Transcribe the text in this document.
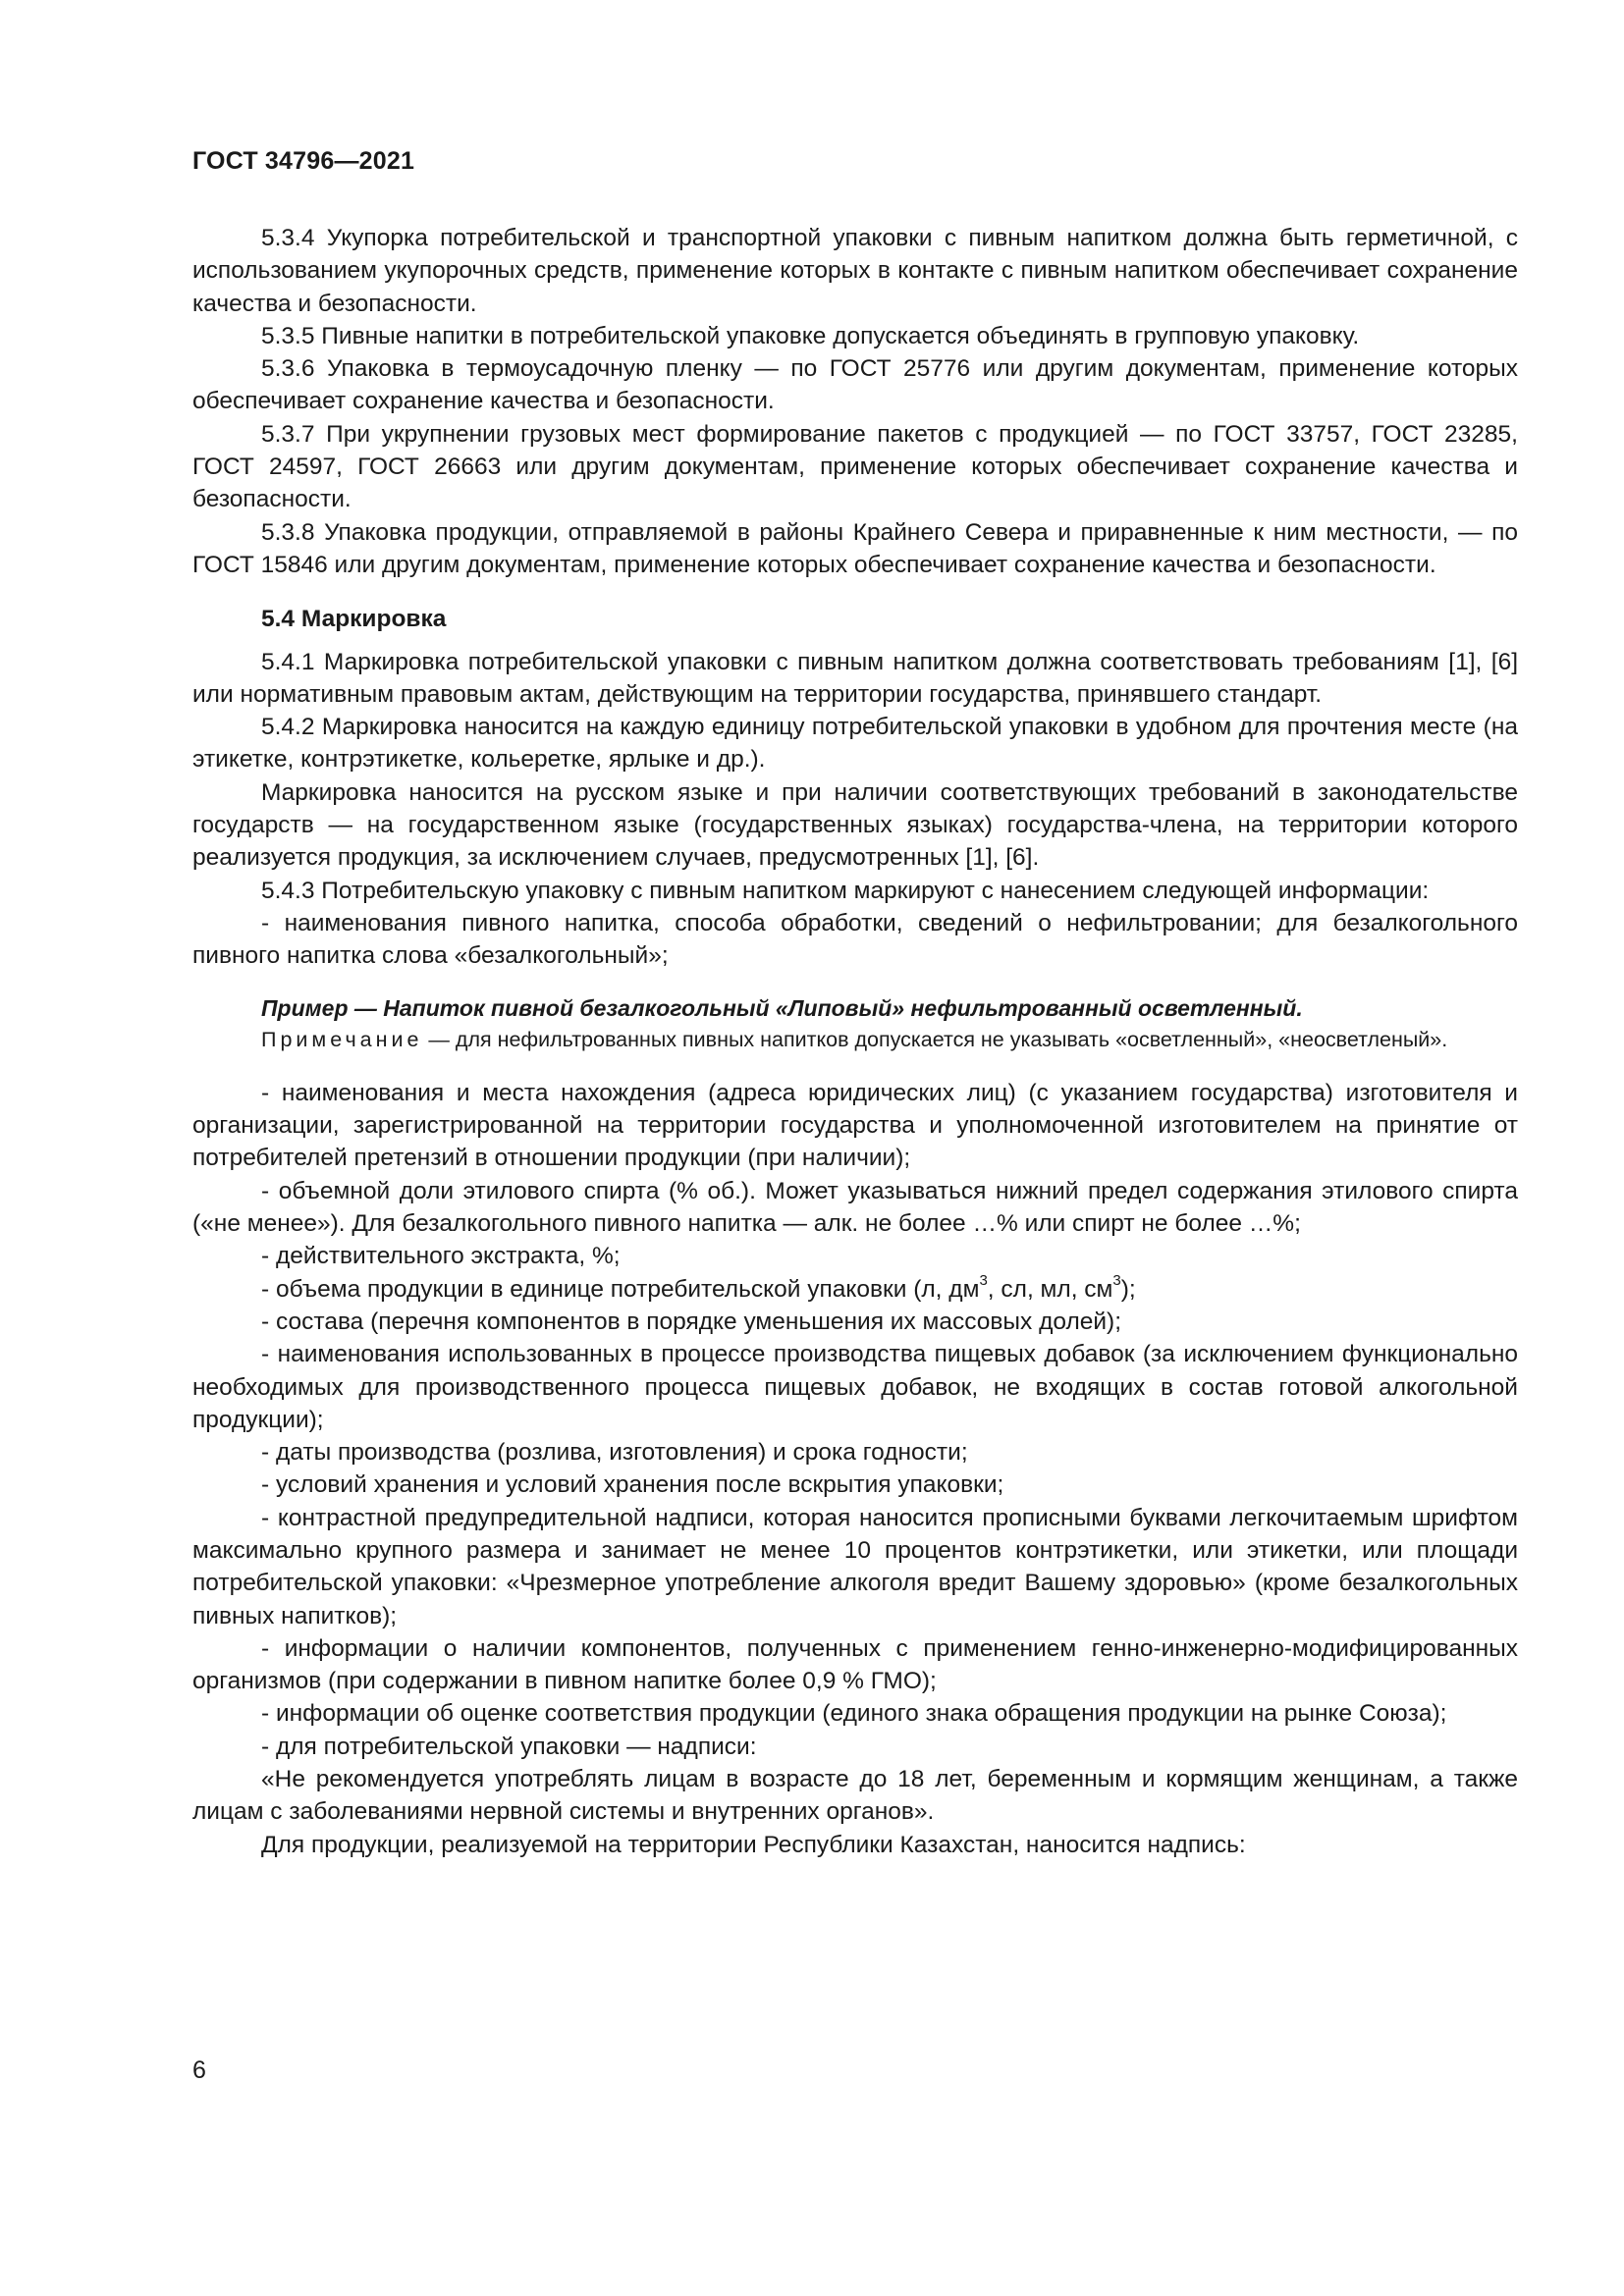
ГОСТ 34796—2021

5.3.4 Укупорка потребительской и транспортной упаковки с пивным напитком должна быть герметичной, с использованием укупорочных средств, применение которых в контакте с пивным напитком обеспечивает сохранение качества и безопасности.

5.3.5 Пивные напитки в потребительской упаковке допускается объединять в групповую упаковку.

5.3.6 Упаковка в термоусадочную пленку — по ГОСТ 25776 или другим документам, применение которых обеспечивает сохранение качества и безопасности.

5.3.7 При укрупнении грузовых мест формирование пакетов с продукцией — по ГОСТ 33757, ГОСТ 23285, ГОСТ 24597, ГОСТ 26663 или другим документам, применение которых обеспечивает сохранение качества и безопасности.

5.3.8 Упаковка продукции, отправляемой в районы Крайнего Севера и приравненные к ним местности, — по ГОСТ 15846 или другим документам, применение которых обеспечивает сохранение качества и безопасности.

5.4 Маркировка

5.4.1 Маркировка потребительской упаковки с пивным напитком должна соответствовать требованиям [1], [6] или нормативным правовым актам, действующим на территории государства, принявшего стандарт.

5.4.2 Маркировка наносится на каждую единицу потребительской упаковки в удобном для прочтения месте (на этикетке, контрэтикетке, кольеретке, ярлыке и др.).

Маркировка наносится на русском языке и при наличии соответствующих требований в законодательстве государств — на государственном языке (государственных языках) государства-члена, на территории которого реализуется продукция, за исключением случаев, предусмотренных [1], [6].

5.4.3 Потребительскую упаковку с пивным напитком маркируют с нанесением следующей информации:

- наименования пивного напитка, способа обработки, сведений о нефильтровании; для безалкогольного пивного напитка слова «безалкогольный»;

Пример — Напиток пивной безалкогольный «Липовый» нефильтрованный осветленный.

Примечание — для нефильтрованных пивных напитков допускается не указывать «осветленный», «неосветленый».

- наименования и места нахождения (адреса юридических лиц) (с указанием государства) изготовителя и организации, зарегистрированной на территории государства и уполномоченной изготовителем на принятие от потребителей претензий в отношении продукции (при наличии);

- объемной доли этилового спирта (% об.). Может указываться нижний предел содержания этилового спирта («не менее»). Для безалкогольного пивного напитка — алк. не более …% или спирт не более …%;

- действительного экстракта, %;

- объема продукции в единице потребительской упаковки (л, $дм^3$, сл, мл, $см^3$);

- состава (перечня компонентов в порядке уменьшения их массовых долей);

- наименования использованных в процессе производства пищевых добавок (за исключением функционально необходимых для производственного процесса пищевых добавок, не входящих в состав готовой алкогольной продукции);

- даты производства (розлива, изготовления) и срока годности;

- условий хранения и условий хранения после вскрытия упаковки;

- контрастной предупредительной надписи, которая наносится прописными буквами легкочитаемым шрифтом максимально крупного размера и занимает не менее 10 процентов контрэтикетки, или этикетки, или площади потребительской упаковки: «Чрезмерное употребление алкоголя вредит Вашему здоровью» (кроме безалкогольных пивных напитков);

- информации о наличии компонентов, полученных с применением генно-инженерно-модифицированных организмов (при содержании в пивном напитке более 0,9 % ГМО);

- информации об оценке соответствия продукции (единого знака обращения продукции на рынке Союза);

- для потребительской упаковки — надписи:

«Не рекомендуется употреблять лицам в возрасте до 18 лет, беременным и кормящим женщинам, а также лицам с заболеваниями нервной системы и внутренних органов».

Для продукции, реализуемой на территории Республики Казахстан, наносится надпись:

6
